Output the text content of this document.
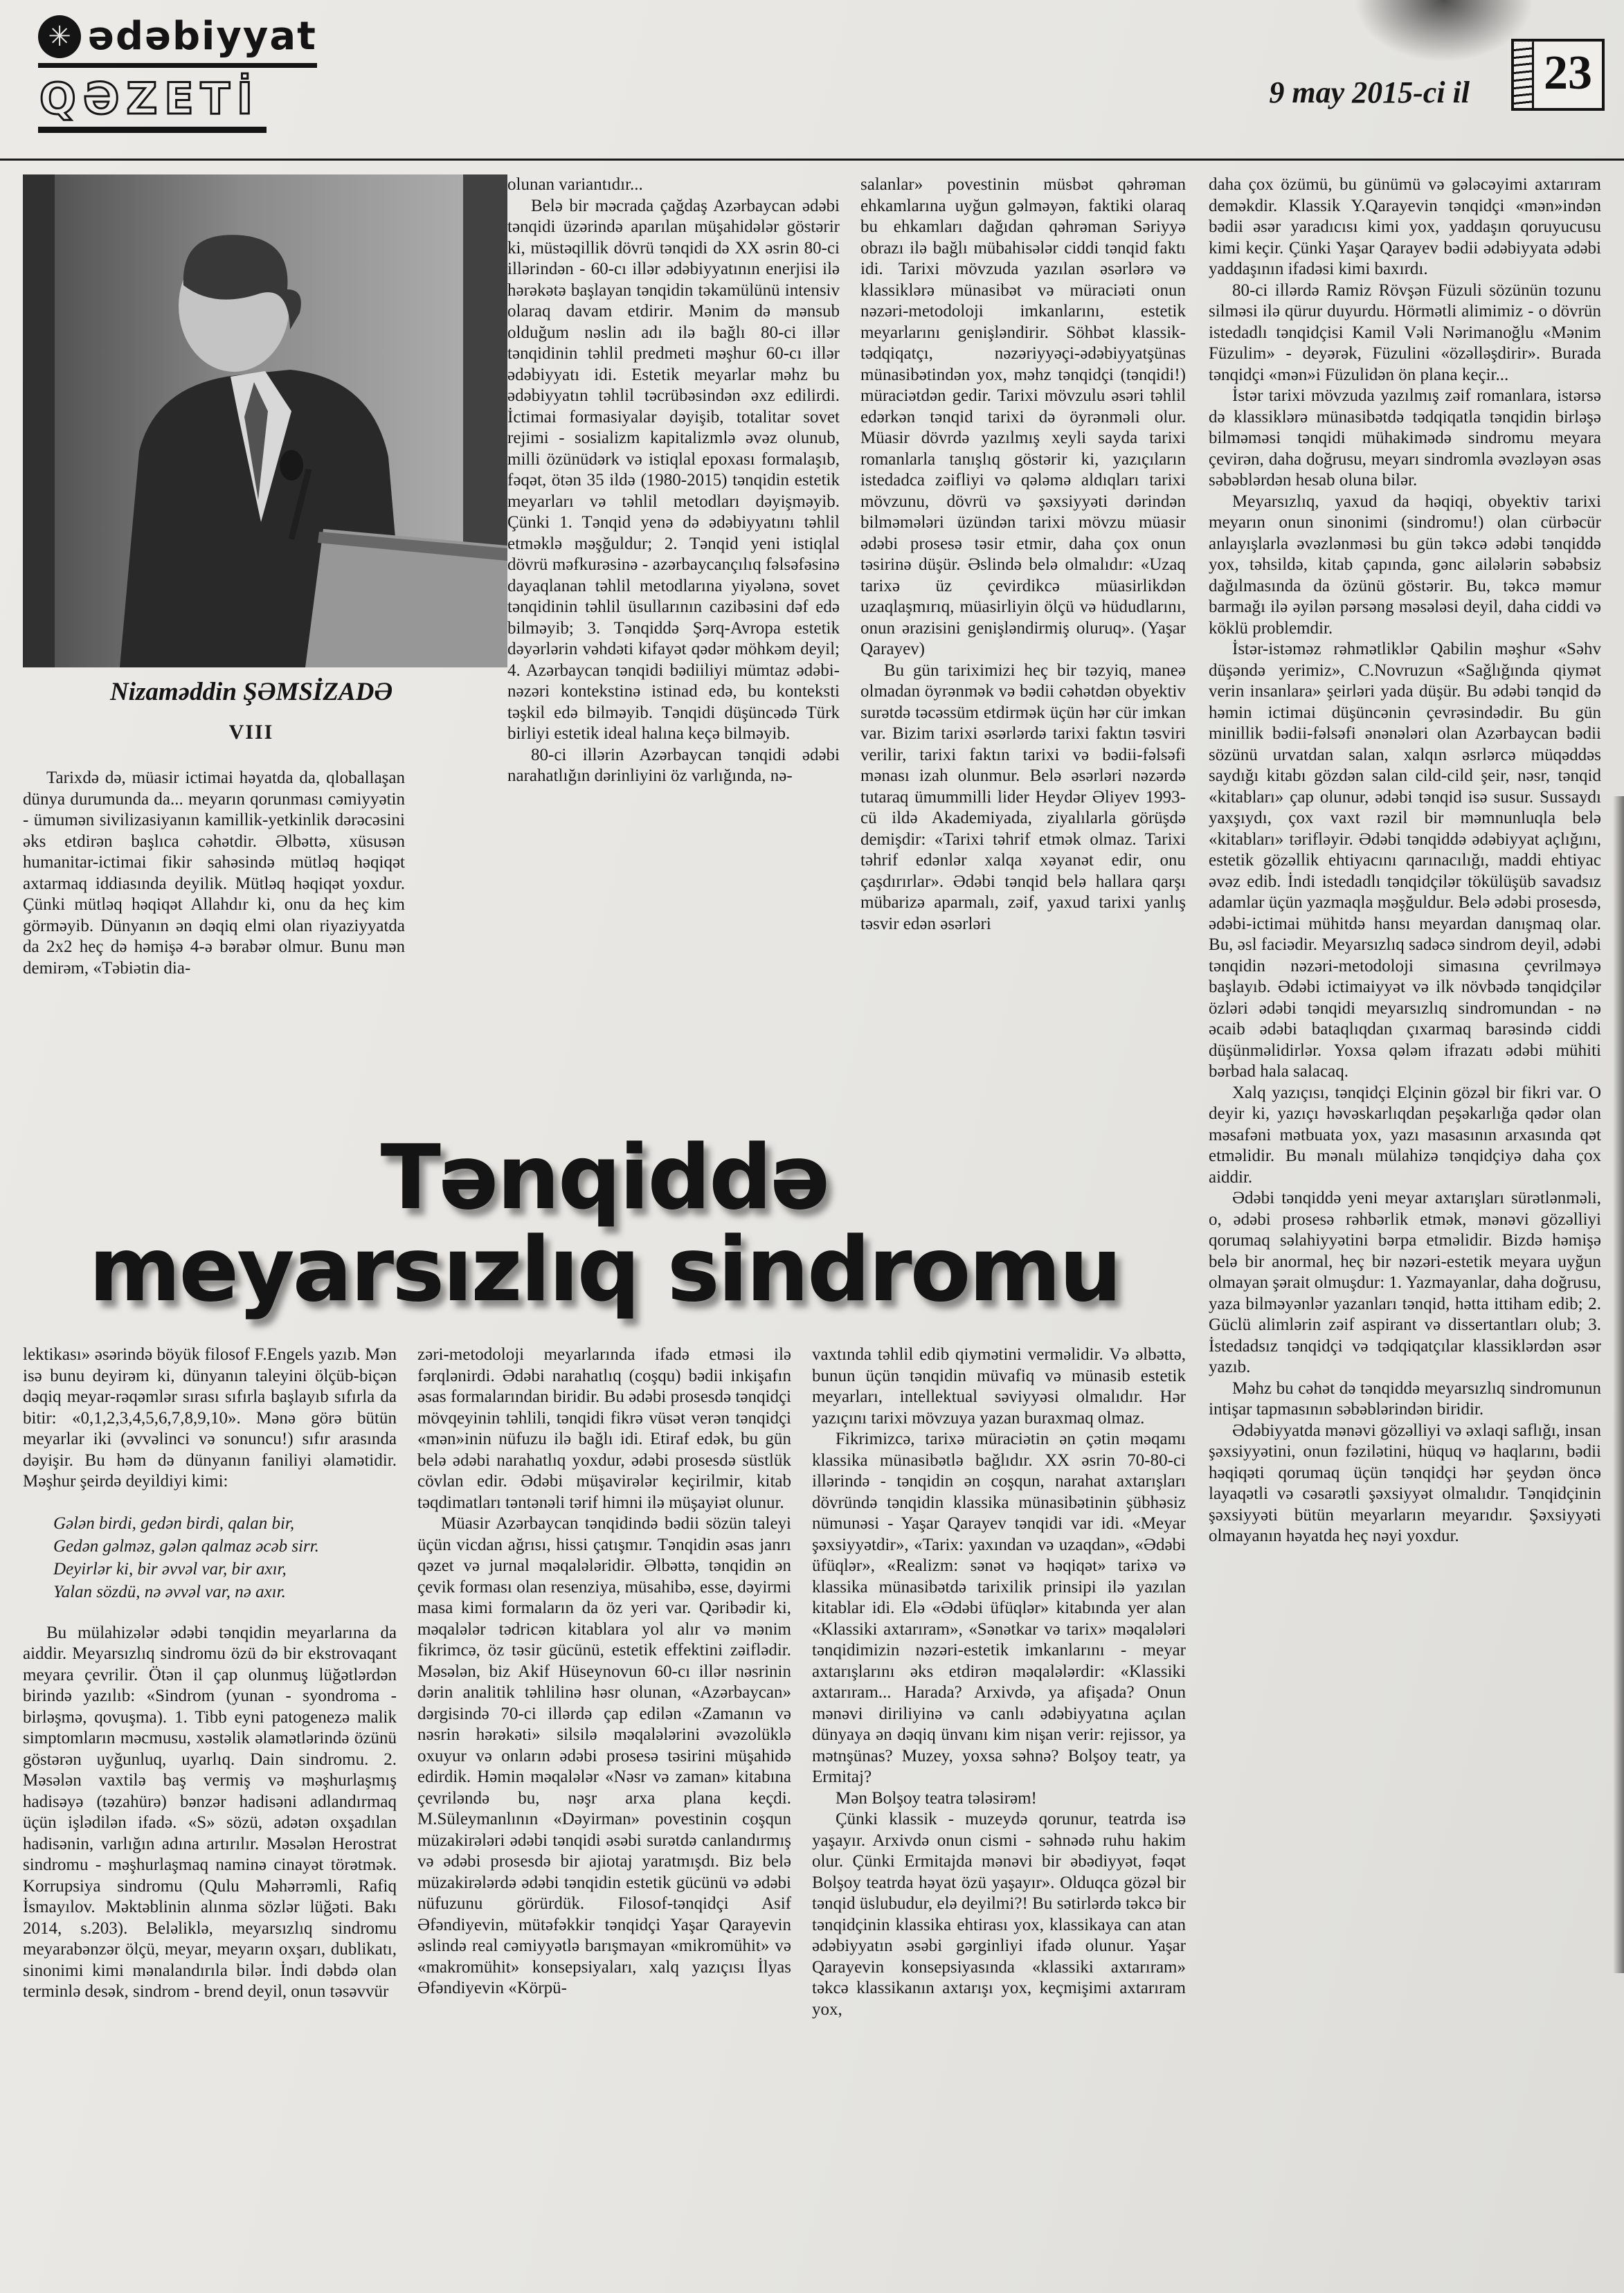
✳ ədəbiyyat
QƏZETİ	9 may 2015-ci il 23
Nizaməddin ŞƏMSİZADƏ
VIII

Tarixdə də, müasir ictimai həyatda da, qloballaşan dünya durumunda da... meyarın qorunması cəmiyyətin - ümumən sivilizasiyanın kamillik-yetkinlik dərəcəsini əks etdirən başlıca cəhətdir. Əlbəttə, xüsusən humanitar-ictimai fikir sahəsində mütləq həqiqət axtarmaq iddiasında deyilik. Mütləq həqiqət yoxdur. Çünki mütləq həqiqət Allahdır ki, onu da heç kim görməyib. Dünyanın ən dəqiq elmi olan riyaziyyatda da 2x2 heç də həmişə 4-ə bərabər olmur. Bunu mən demirəm, «Təbiətin dia-

olunan variantıdır...

Belə bir məcrada çağdaş Azərbaycan ədəbi tənqidi üzərində aparılan müşahidələr göstərir ki, müstəqillik dövrü tənqidi də XX əsrin 80-ci illərindən - 60-cı illər ədəbiyyatının enerjisi ilə hərəkətə başlayan tənqidin təkamülünü intensiv olaraq davam etdirir. Mənim də mənsub olduğum nəslin adı ilə bağlı 80-ci illər tənqidinin təhlil predmeti məşhur 60-cı illər ədəbiyyatı idi. Estetik meyarlar məhz bu ədəbiyyatın təhlil təcrübəsindən əxz edilirdi. İctimai formasiyalar dəyişib, totalitar sovet rejimi - sosializm kapitalizmlə əvəz olunub, milli özünüdərk və istiqlal epoxası formalaşıb, fəqət, ötən 35 ildə (1980-2015) tənqidin estetik meyarları və təhlil metodları dəyişməyib. Çünki 1. Tənqid yenə də ədəbiyyatını təhlil etməklə məşğuldur; 2. Tənqid yeni istiqlal dövrü məfkurəsinə - azərbaycançılıq fəlsəfəsinə dayaqlanan təhlil metodlarına yiyələnə, sovet tənqidinin təhlil üsullarının cazibəsini dəf edə bilməyib; 3. Tənqiddə Şərq-Avropa estetik dəyərlərin vəhdəti kifayət qədər möhkəm deyil; 4. Azərbaycan tənqidi bədiiliyi mümtaz ədəbi-nəzəri kontekstinə istinad edə, bu konteksti təşkil edə bilməyib. Tənqidi düşüncədə Türk birliyi estetik ideal halına keçə bilməyib.

80-ci illərin Azərbaycan tənqidi ədəbi narahatlığın dərinliyini öz varlığında, nə-

salanlar» povestinin müsbət qəhrəman ehkamlarına uyğun gəlməyən, faktiki olaraq bu ehkamları dağıdan qəhrəman Səriyyə obrazı ilə bağlı mübahisələr ciddi tənqid faktı idi. Tarixi mövzuda yazılan əsərlərə və klassiklərə münasibət və müraciəti onun nəzəri-metodoloji imkanlarını, estetik meyarlarını genişləndirir. Söhbət klassik-tədqiqatçı, nəzəriyyəçi-ədəbiyyatşünas münasibətindən yox, məhz tənqidçi (tənqidi!) müraciətdən gedir. Tarixi mövzulu əsəri təhlil edərkən tənqid tarixi də öyrənməli olur. Müasir dövrdə yazılmış xeyli sayda tarixi romanlarla tanışlıq göstərir ki, yazıçıların istedadca zəifliyi və qələmə aldıqları tarixi mövzunu, dövrü və şəxsiyyəti dərindən bilməmələri üzündən tarixi mövzu müasir ədəbi prosesə təsir etmir, daha çox onun təsirinə düşür. Əslində belə olmalıdır: «Uzaq tarixə üz çevirdikcə müasirlikdən uzaqlaşmırıq, müasirliyin ölçü və hüdudlarını, onun ərazisini genişləndirmiş oluruq». (Yaşar Qarayev)

Bu gün tariximizi heç bir təzyiq, maneə olmadan öyrənmək və bədii cəhətdən obyektiv surətdə təcəssüm etdirmək üçün hər cür imkan var. Bizim tarixi əsərlərdə tarixi faktın təsviri verilir, tarixi faktın tarixi və bədii-fəlsəfi mənası izah olunmur. Belə əsərləri nəzərdə tutaraq ümummilli lider Heydər Əliyev 1993-cü ildə Akademiyada, ziyalılarla görüşdə demişdir: «Tarixi təhrif etmək olmaz. Tarixi təhrif edənlər xalqa xəyanət edir, onu çaşdırırlar». Ədəbi tənqid belə hallara qarşı mübarizə aparmalı, zəif, yaxud tarixi yanlış təsvir edən əsərləri

Tənqiddə
meyarsızlıq sindromu

lektikası» əsərində böyük filosof F.Engels yazıb. Mən isə bunu deyirəm ki, dünyanın taleyini ölçüb-biçən dəqiq meyar-rəqəmlər sırası sıfırla başlayıb sıfırla da bitir: «0,1,2,3,4,5,6,7,8,9,10». Mənə görə bütün meyarlar iki (əvvəlinci və sonuncu!) sıfır arasında dəyişir. Bu həm də dünyanın faniliyi əlamətidir. Məşhur şeirdə deyildiyi kimi:

Gələn birdi, gedən birdi, qalan bir,
Gedən gəlməz, gələn qalmaz əcəb sirr.
Deyirlər ki, bir əvvəl var, bir axır,
Yalan sözdü, nə əvvəl var, nə axır.

Bu mülahizələr ədəbi tənqidin meyarlarına da aiddir. Meyarsızlıq sindromu özü də bir ekstrovaqant meyara çevrilir. Ötən il çap olunmuş lüğətlərdən birində yazılıb: «Sindrom (yunan - syondroma - birləşmə, qovuşma). 1. Tibb eyni patogenezə malik simptomların məcmusu, xəstəlik əlamətlərində özünü göstərən uyğunluq, uyarlıq. Dain sindromu. 2. Məsələn vaxtilə baş vermiş və məşhurlaşmış hadisəyə (təzahürə) bənzər hadisəni adlandırmaq üçün işlədilən ifadə. «S» sözü, adətən oxşadılan hadisənin, varlığın adına artırılır. Məsələn Herostrat sindromu - məşhurlaşmaq naminə cinayət törətmək. Korrupsiya sindromu (Qulu Məhərrəmli, Rafiq İsmayılov. Məktəblinin alınma sözlər lüğəti. Bakı 2014, s.203). Beləliklə, meyarsızlıq sindromu meyarabənzər ölçü, meyar, meyarın oxşarı, dublikatı, sinonimi kimi mənalandırıla bilər. İndi dəbdə olan terminlə desək, sindrom - brend deyil, onun təsəvvür

zəri-metodoloji meyarlarında ifadə etməsi ilə fərqlənirdi. Ədəbi narahatlıq (coşqu) bədii inkişafın əsas formalarından biridir. Bu ədəbi prosesdə tənqidçi mövqeyinin təhlili, tənqidi fikrə vüsət verən tənqidçi «mən»inin nüfuzu ilə bağlı idi. Etiraf edək, bu gün belə ədəbi narahatlıq yoxdur, ədəbi prosesdə süstlük cövlan edir. Ədəbi müşavirələr keçirilmir, kitab təqdimatları təntənəli tərif himni ilə müşayiət olunur.

Müasir Azərbaycan tənqidində bədii sözün taleyi üçün vicdan ağrısı, hissi çatışmır. Tənqidin əsas janrı qəzet və jurnal məqalələridir. Əlbəttə, tənqidin ən çevik forması olan resenziya, müsahibə, esse, dəyirmi masa kimi formaların da öz yeri var. Qəribədir ki, məqalələr tədricən kitablara yol alır və mənim fikrimcə, öz təsir gücünü, estetik effektini zəiflədir. Məsələn, biz Akif Hüseynovun 60-cı illər nəsrinin dərin analitik təhlilinə həsr olunan, «Azərbaycan» dərgisində 70-ci illərdə çap edilən «Zamanın və nəsrin hərəkəti» silsilə məqalələrini əvəzolüklə oxuyur və onların ədəbi prosesə təsirini müşahidə edirdik. Həmin məqalələr «Nəsr və zaman» kitabına çevriləndə bu, nəşr arxa plana keçdi. M.Süleymanlının «Dəyirman» povestinin coşqun müzakirələri ədəbi tənqidi əsəbi surətdə canlandırmış və ədəbi prosesdə bir ajiotaj yaratmışdı. Biz belə müzakirələrdə ədəbi tənqidin estetik gücünü və ədəbi nüfuzunu görürdük. Filosof-tənqidçi Asif Əfəndiyevin, mütəfəkkir tənqidçi Yaşar Qarayevin əslində real cəmiyyətlə barışmayan «mikromühit» və «makromühit» konsepsiyaları, xalq yazıçısı İlyas Əfəndiyevin «Körpü-

vaxtında təhlil edib qiymətini verməlidir. Və əlbəttə, bunun üçün tənqidin müvafiq və münasib estetik meyarları, intellektual səviyyəsi olmalıdır. Hər yazıçını tarixi mövzuya yazan buraxmaq olmaz.

Fikrimizcə, tarixə müraciətin ən çətin məqamı klassika münasibətlə bağlıdır. XX əsrin 70-80-ci illərində - tənqidin ən coşqun, narahat axtarışları dövründə tənqidin klassika münasibətinin şübhəsiz nümunəsi - Yaşar Qarayev tənqidi var idi. «Meyar şəxsiyyətdir», «Tarix: yaxından və uzaqdan», «Ədəbi üfüqlər», «Realizm: sənət və həqiqət» tarixə və klassika münasibətdə tarixilik prinsipi ilə yazılan kitablar idi. Elə «Ədəbi üfüqlər» kitabında yer alan «Klassiki axtarıram», «Sənətkar və tarix» məqalələri tənqidimizin nəzəri-estetik imkanlarını - meyar axtarışlarını əks etdirən məqalələrdir: «Klassiki axtarıram... Harada? Arxivdə, ya afişada? Onun mənəvi diriliyinə və canlı ədəbiyyatına açılan dünyaya ən dəqiq ünvanı kim nişan verir: rejissor, ya mətnşünas? Muzey, yoxsa səhnə? Bolşoy teatr, ya Ermitaj?

Mən Bolşoy teatra tələsirəm!

Çünki klassik - muzeydə qorunur, teatrda isə yaşayır. Arxivdə onun cismi - səhnədə ruhu hakim olur. Çünki Ermitajda mənəvi bir əbədiyyət, fəqət Bolşoy teatrda həyat özü yaşayır». Olduqca gözəl bir tənqid üslubudur, elə deyilmi?! Bu sətirlərdə təkcə bir tənqidçinin klassika ehtirası yox, klassikaya can atan ədəbiyyatın əsəbi gərginliyi ifadə olunur. Yaşar Qarayevin konsepsiyasında «klassiki axtarıram» təkcə klassikanın axtarışı yox, keçmişimi axtarıram yox,

daha çox özümü, bu günümü və gələcəyimi axtarıram deməkdir. Klassik Y.Qarayevin tənqidçi «mən»indən bədii əsər yaradıcısı kimi yox, yaddaşın qoruyucusu kimi keçir. Çünki Yaşar Qarayev bədii ədəbiyyata ədəbi yaddaşının ifadəsi kimi baxırdı.

80-ci illərdə Ramiz Rövşən Füzuli sözünün tozunu silməsi ilə qürur duyurdu. Hörmətli alimimiz - o dövrün istedadlı tənqidçisi Kamil Vəli Nərimanoğlu «Mənim Füzulim» - deyərək, Füzulini «özəlləşdirir». Burada tənqidçi «mən»i Füzulidən ön plana keçir...

İstər tarixi mövzuda yazılmış zəif romanlara, istərsə də klassiklərə münasibətdə tədqiqatla tənqidin birləşə bilməməsi tənqidi mühakimədə sindromu meyara çevirən, daha doğrusu, meyarı sindromla əvəzləyən əsas səbəblərdən hesab oluna bilər.

Meyarsızlıq, yaxud da həqiqi, obyektiv tarixi meyarın onun sinonimi (sindromu!) olan cürbəcür anlayışlarla əvəzlənməsi bu gün təkcə ədəbi tənqiddə yox, təhsildə, kitab çapında, gənc ailələrin səbəbsiz dağılmasında da özünü göstərir. Bu, təkcə məmur barmağı ilə əyilən pərsəng məsələsi deyil, daha ciddi və köklü problemdir.

İstər-istəməz rəhmətliklər Qabilin məşhur «Səhv düşəndə yerimiz», C.Novruzun «Sağlığında qiymət verin insanlara» şeirləri yada düşür. Bu ədəbi tənqid də həmin ictimai düşüncənin çevrəsindədir. Bu gün minillik bədii-fəlsəfi ənənələri olan Azərbaycan bədii sözünü urvatdan salan, xalqın əsrlərcə müqəddəs saydığı kitabı gözdən salan cild-cild şeir, nəsr, tənqid «kitabları» çap olunur, ədəbi tənqid isə susur. Sussaydı yaxşıydı, çox vaxt rəzil bir məmnunluqla belə «kitabları» tərifləyir. Ədəbi tənqiddə ədəbiyyat açlığını, estetik gözəllik ehtiyacını qarınacılığı, maddi ehtiyac əvəz edib. İndi istedadlı tənqidçilər tökülüşüb savadsız adamlar üçün yazmaqla məşğuldur. Belə ədəbi prosesdə, ədəbi-ictimai mühitdə hansı meyardan danışmaq olar. Bu, əsl faciədir. Meyarsızlıq sadəcə sindrom deyil, ədəbi tənqidin nəzəri-metodoloji simasına çevrilməyə başlayıb. Ədəbi ictimaiyyət və ilk növbədə tənqidçilər özləri ədəbi tənqidi meyarsızlıq sindromundan - nə əcaib ədəbi bataqlıqdan çıxarmaq barəsində ciddi düşünməlidirlər. Yoxsa qələm ifrazatı ədəbi mühiti bərbad hala salacaq.

Xalq yazıçısı, tənqidçi Elçinin gözəl bir fikri var. O deyir ki, yazıçı həvəskarlıqdan peşəkarlığa qədər olan məsafəni mətbuata yox, yazı masasının arxasında qət etməlidir. Bu mənalı mülahizə tənqidçiyə daha çox aiddir.

Ədəbi tənqiddə yeni meyar axtarışları sürətlənməli, o, ədəbi prosesə rəhbərlik etmək, mənəvi gözəlliyi qorumaq səlahiyyətini bərpa etməlidir. Bizdə həmişə belə bir anormal, heç bir nəzəri-estetik meyara uyğun olmayan şərait olmuşdur: 1. Yazmayanlar, daha doğrusu, yaza bilməyənlər yazanları tənqid, hətta ittiham edib; 2. Güclü alimlərin zəif aspirant və dissertantları olub; 3. İstedadsız tənqidçi və tədqiqatçılar klassiklərdən əsər yazıb.

Məhz bu cəhət də tənqiddə meyarsızlıq sindromunun intişar tapmasının səbəblərindən biridir.

Ədəbiyyatda mənəvi gözəlliyi və əxlaqi saflığı, insan şəxsiyyətini, onun fəzilətini, hüquq və haqlarını, bədii həqiqəti qorumaq üçün tənqidçi hər şeydən öncə layaqətli və cəsarətli şəxsiyyət olmalıdır. Tənqidçinin şəxsiyyəti bütün meyarların meyarıdır. Şəxsiyyəti olmayanın həyatda heç nəyi yoxdur.
